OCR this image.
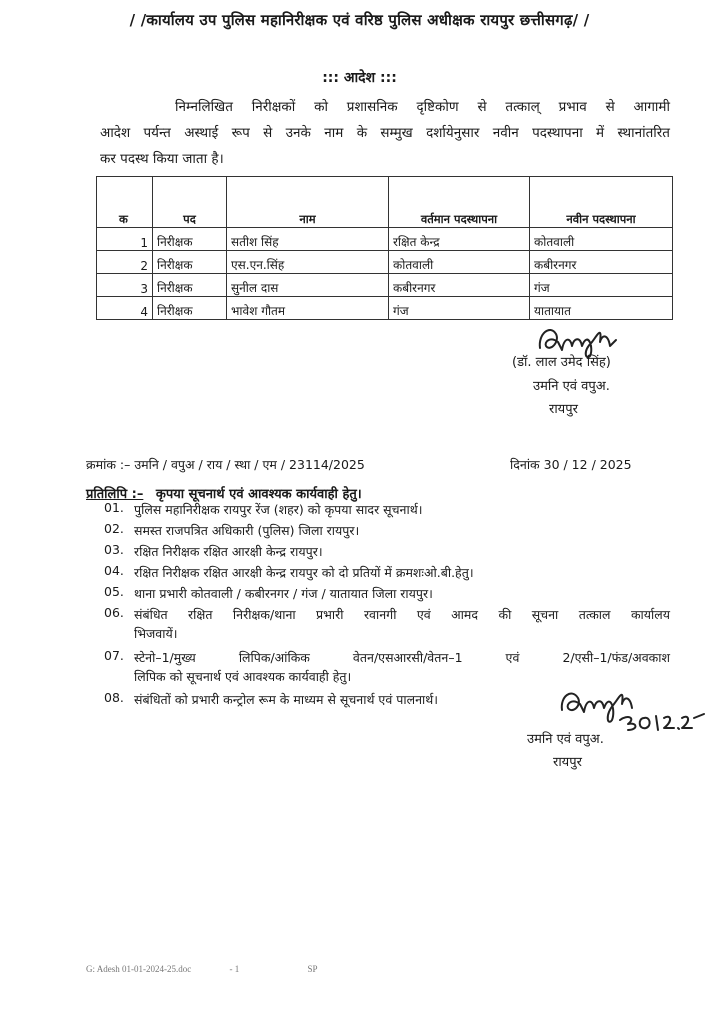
/ /कार्यालय उप पुलिस महानिरीक्षक एवं वरिष्ठ पुलिस अधीक्षक रायपुर छत्तीसगढ़/ /
::: आदेश :::
निम्नलिखित निरीक्षकों को प्रशासनिक दृष्टिकोण से तत्काल् प्रभाव से आगामी
आदेश पर्यन्त अस्थाई रूप से उनके नाम के सम्मुख दर्शायेनुसार नवीन पदस्थापना में स्थानांतरित
कर पदस्थ किया जाता है।
क	पद	नाम	वर्तमान पदस्थापना	नवीन पदस्थापना
1	निरीक्षक	सतीश सिंह	रक्षित केन्द्र	कोतवाली
2	निरीक्षक	एस.एन.सिंह	कोतवाली	कबीरनगर
3	निरीक्षक	सुनील दास	कबीरनगर	गंज
4	निरीक्षक	भावेश गौतम	गंज	यातायात
(डॉ. लाल उमेद सिंह)
उमनि एवं वपुअ.
रायपुर
क्रमांक :– उमनि / वपुअ / राय / स्था / एम / 23114/2025	दिनांक 30 / 12 / 2025
प्रतिलिपि :– कृपया सूचनार्थ एवं आवश्यक कार्यवाही हेतु।
01. पुलिस महानिरीक्षक रायपुर रेंज (शहर) को कृपया सादर सूचनार्थ।
02. समस्त राजपत्रित अधिकारी (पुलिस) जिला रायपुर।
03. रक्षित निरीक्षक रक्षित आरक्षी केन्द्र रायपुर।
04. रक्षित निरीक्षक रक्षित आरक्षी केन्द्र रायपुर को दो प्रतियों में क्रमशःओ.बी.हेतु।
05. थाना प्रभारी कोतवाली / कबीरनगर / गंज / यातायात जिला रायपुर।
06. संबंधित रक्षित निरीक्षक/थाना प्रभारी रवानगी एवं आमद की सूचना तत्काल कार्यालय
भिजवायें।
07. स्टेनो–1/मुख्य लिपिक/आंकिक वेतन/एसआरसी/वेतन–1 एवं 2/एसी–1/फंड/अवकाश
लिपिक को सूचनार्थ एवं आवश्यक कार्यवाही हेतु।
08. संबंधितों को प्रभारी कन्ट्रोल रूम के माध्यम से सूचनार्थ एवं पालनार्थ।
उमनि एवं वपुअ.
रायपुर
G: Adesh 01-01-2024-25.doc	- 1	SP
